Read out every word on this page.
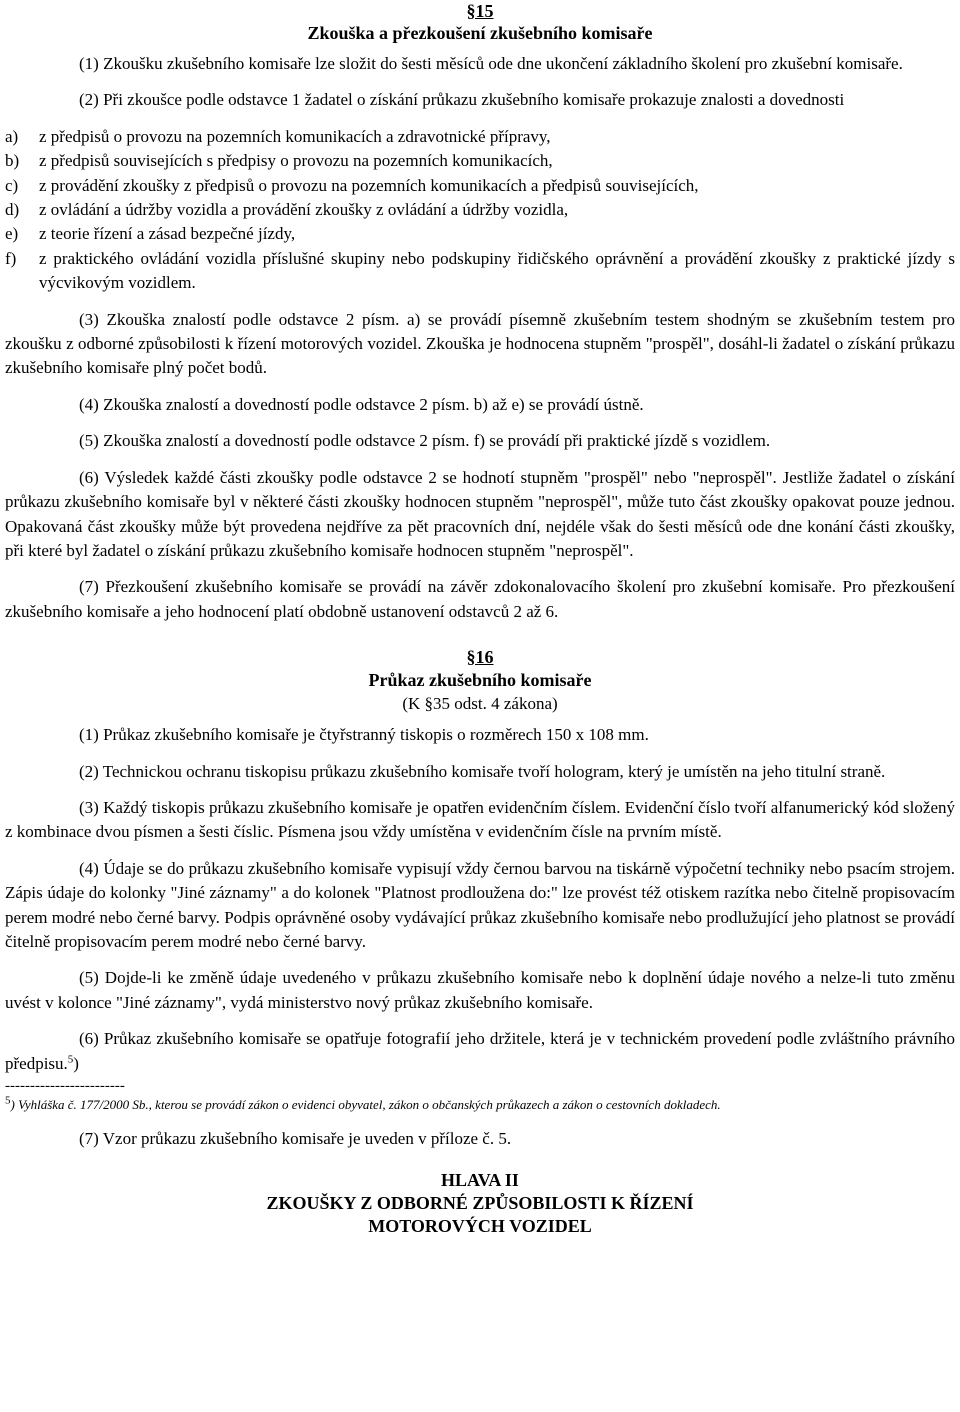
§15
Zkouška a přezkoušení zkušebního komisaře

(1) Zkoušku zkušebního komisaře lze složit do šesti měsíců ode dne ukončení základního školení pro zkušební komisaře.

(2) Při zkoušce podle odstavce 1 žadatel o získání průkazu zkušebního komisaře prokazuje znalosti a dovednosti

a)	z předpisů o provozu na pozemních komunikacích a zdravotnické přípravy,
b)	z předpisů souvisejících s předpisy o provozu na pozemních komunikacích,
c)	z provádění zkoušky z předpisů o provozu na pozemních komunikacích a předpisů souvisejících,
d)	z ovládání a údržby vozidla a provádění zkoušky z ovládání a údržby vozidla,
e)	z teorie řízení a zásad bezpečné jízdy,
f)	z praktického ovládání vozidla příslušné skupiny nebo podskupiny řidičského oprávnění a provádění zkoušky z praktické jízdy s výcvikovým vozidlem.

(3) Zkouška znalostí podle odstavce 2 písm. a) se provádí písemně zkušebním testem shodným se zkušebním testem pro zkoušku z odborné způsobilosti k řízení motorových vozidel. Zkouška je hodnocena stupněm "prospěl", dosáhl-li žadatel o získání průkazu zkušebního komisaře plný počet bodů.

(4) Zkouška znalostí a dovedností podle odstavce 2 písm. b) až e) se provádí ústně.

(5) Zkouška znalostí a dovedností podle odstavce 2 písm. f) se provádí při praktické jízdě s vozidlem.

(6) Výsledek každé části zkoušky podle odstavce 2 se hodnotí stupněm "prospěl" nebo "neprospěl". Jestliže žadatel o získání průkazu zkušebního komisaře byl v některé části zkoušky hodnocen stupněm "neprospěl", může tuto část zkoušky opakovat pouze jednou. Opakovaná část zkoušky může být provedena nejdříve za pět pracovních dní, nejdéle však do šesti měsíců ode dne konání části zkoušky, při které byl žadatel o získání průkazu zkušebního komisaře hodnocen stupněm "neprospěl".

(7) Přezkoušení zkušebního komisaře se provádí na závěr zdokonalovacího školení pro zkušební komisaře. Pro přezkoušení zkušebního komisaře a jeho hodnocení platí obdobně ustanovení odstavců 2 až 6.

§16
Průkaz zkušebního komisaře
(K §35 odst. 4 zákona)

(1) Průkaz zkušebního komisaře je čtyřstranný tiskopis o rozměrech 150 x 108 mm.

(2) Technickou ochranu tiskopisu průkazu zkušebního komisaře tvoří hologram, který je umístěn na jeho titulní straně.

(3) Každý tiskopis průkazu zkušebního komisaře je opatřen evidenčním číslem. Evidenční číslo tvoří alfanumerický kód složený z kombinace dvou písmen a šesti číslic. Písmena jsou vždy umístěna v evidenčním čísle na prvním místě.

(4) Údaje se do průkazu zkušebního komisaře vypisují vždy černou barvou na tiskárně výpočetní techniky nebo psacím strojem. Zápis údaje do kolonky "Jiné záznamy" a do kolonek "Platnost prodloužena do:" lze provést též otiskem razítka nebo čitelně propisovacím perem modré nebo černé barvy. Podpis oprávněné osoby vydávající průkaz zkušebního komisaře nebo prodlužující jeho platnost se provádí čitelně propisovacím perem modré nebo černé barvy.

(5) Dojde-li ke změně údaje uvedeného v průkazu zkušebního komisaře nebo k doplnění údaje nového a nelze-li tuto změnu uvést v kolonce "Jiné záznamy", vydá ministerstvo nový průkaz zkušebního komisaře.

(6) Průkaz zkušebního komisaře se opatřuje fotografií jeho držitele, která je v technickém provedení podle zvláštního právního předpisu.$^5$)

------------------------
$^5$) Vyhláška č. 177/2000 Sb., kterou se provádí zákon o evidenci obyvatel, zákon o občanských průkazech a zákon o cestovních dokladech.

(7) Vzor průkazu zkušebního komisaře je uveden v příloze č. 5.

HLAVA II
ZKOUŠKY Z ODBORNÉ ZPŮSOBILOSTI K ŘÍZENÍ
MOTOROVÝCH VOZIDEL
